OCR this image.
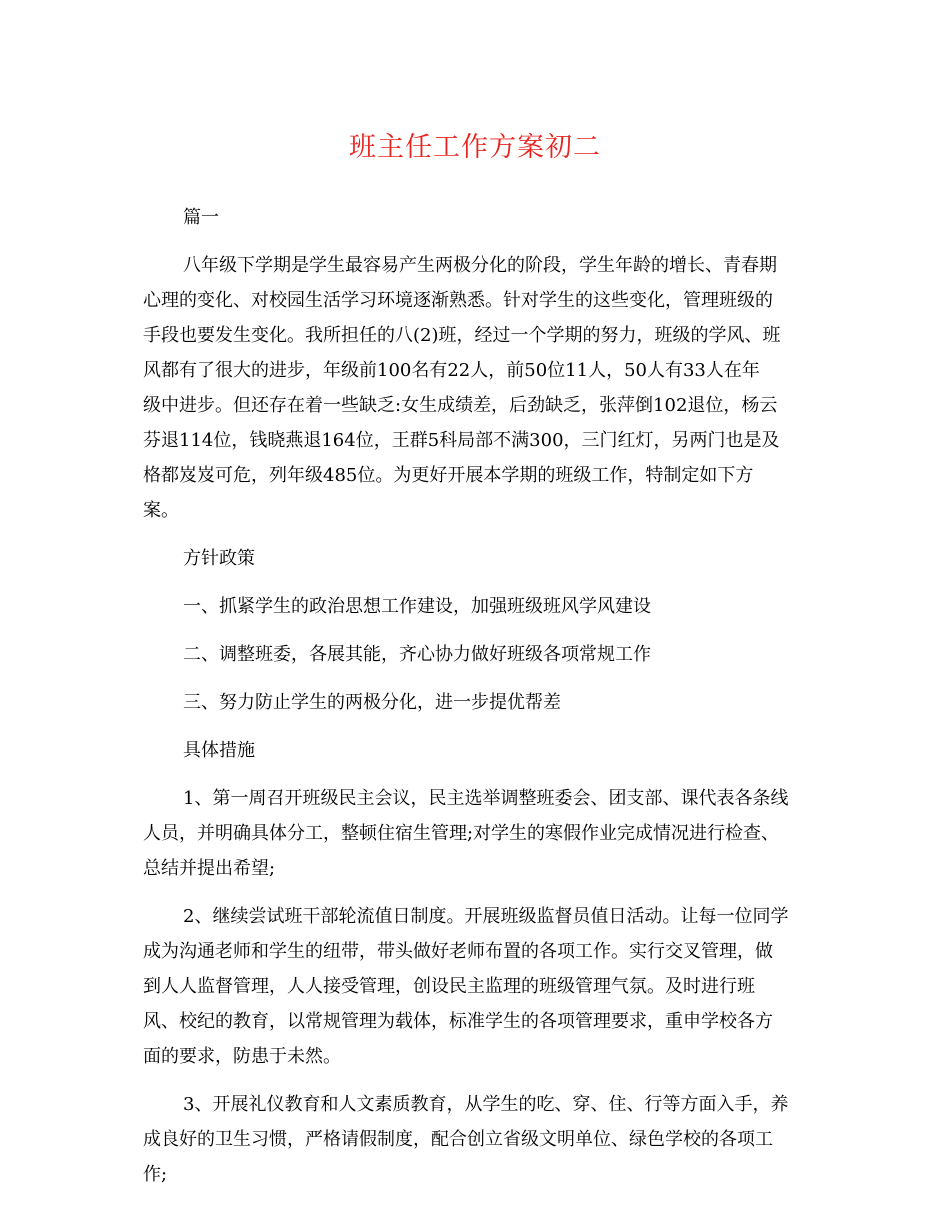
班主任工作方案初二
篇一
八年级下学期是学生最容易产生两极分化的阶段，学生年龄的增长、青春期
心理的变化、对校园生活学习环境逐渐熟悉。针对学生的这些变化，管理班级的
手段也要发生变化。我所担任的八(2)班，经过一个学期的努力，班级的学风、班
风都有了很大的进步，年级前100名有22人，前50位11人，50人有33人在年
级中进步。但还存在着一些缺乏:女生成绩差，后劲缺乏，张萍倒102退位，杨云
芬退114位，钱晓燕退164位，王群5科局部不满300，三门红灯，另两门也是及
格都岌岌可危，列年级485位。为更好开展本学期的班级工作，特制定如下方
案。
方针政策
一、抓紧学生的政治思想工作建设，加强班级班风学风建设
二、调整班委，各展其能，齐心协力做好班级各项常规工作
三、努力防止学生的两极分化，进一步提优帮差
具体措施
1、第一周召开班级民主会议，民主选举调整班委会、团支部、课代表各条线
人员，并明确具体分工，整顿住宿生管理;对学生的寒假作业完成情况进行检查、
总结并提出希望;
2、继续尝试班干部轮流值日制度。开展班级监督员值日活动。让每一位同学
成为沟通老师和学生的纽带，带头做好老师布置的各项工作。实行交叉管理，做
到人人监督管理，人人接受管理，创设民主监理的班级管理气氛。及时进行班
风、校纪的教育，以常规管理为载体，标准学生的各项管理要求，重申学校各方
面的要求，防患于未然。
3、开展礼仪教育和人文素质教育，从学生的吃、穿、住、行等方面入手，养
成良好的卫生习惯，严格请假制度，配合创立省级文明单位、绿色学校的各项工
作;
